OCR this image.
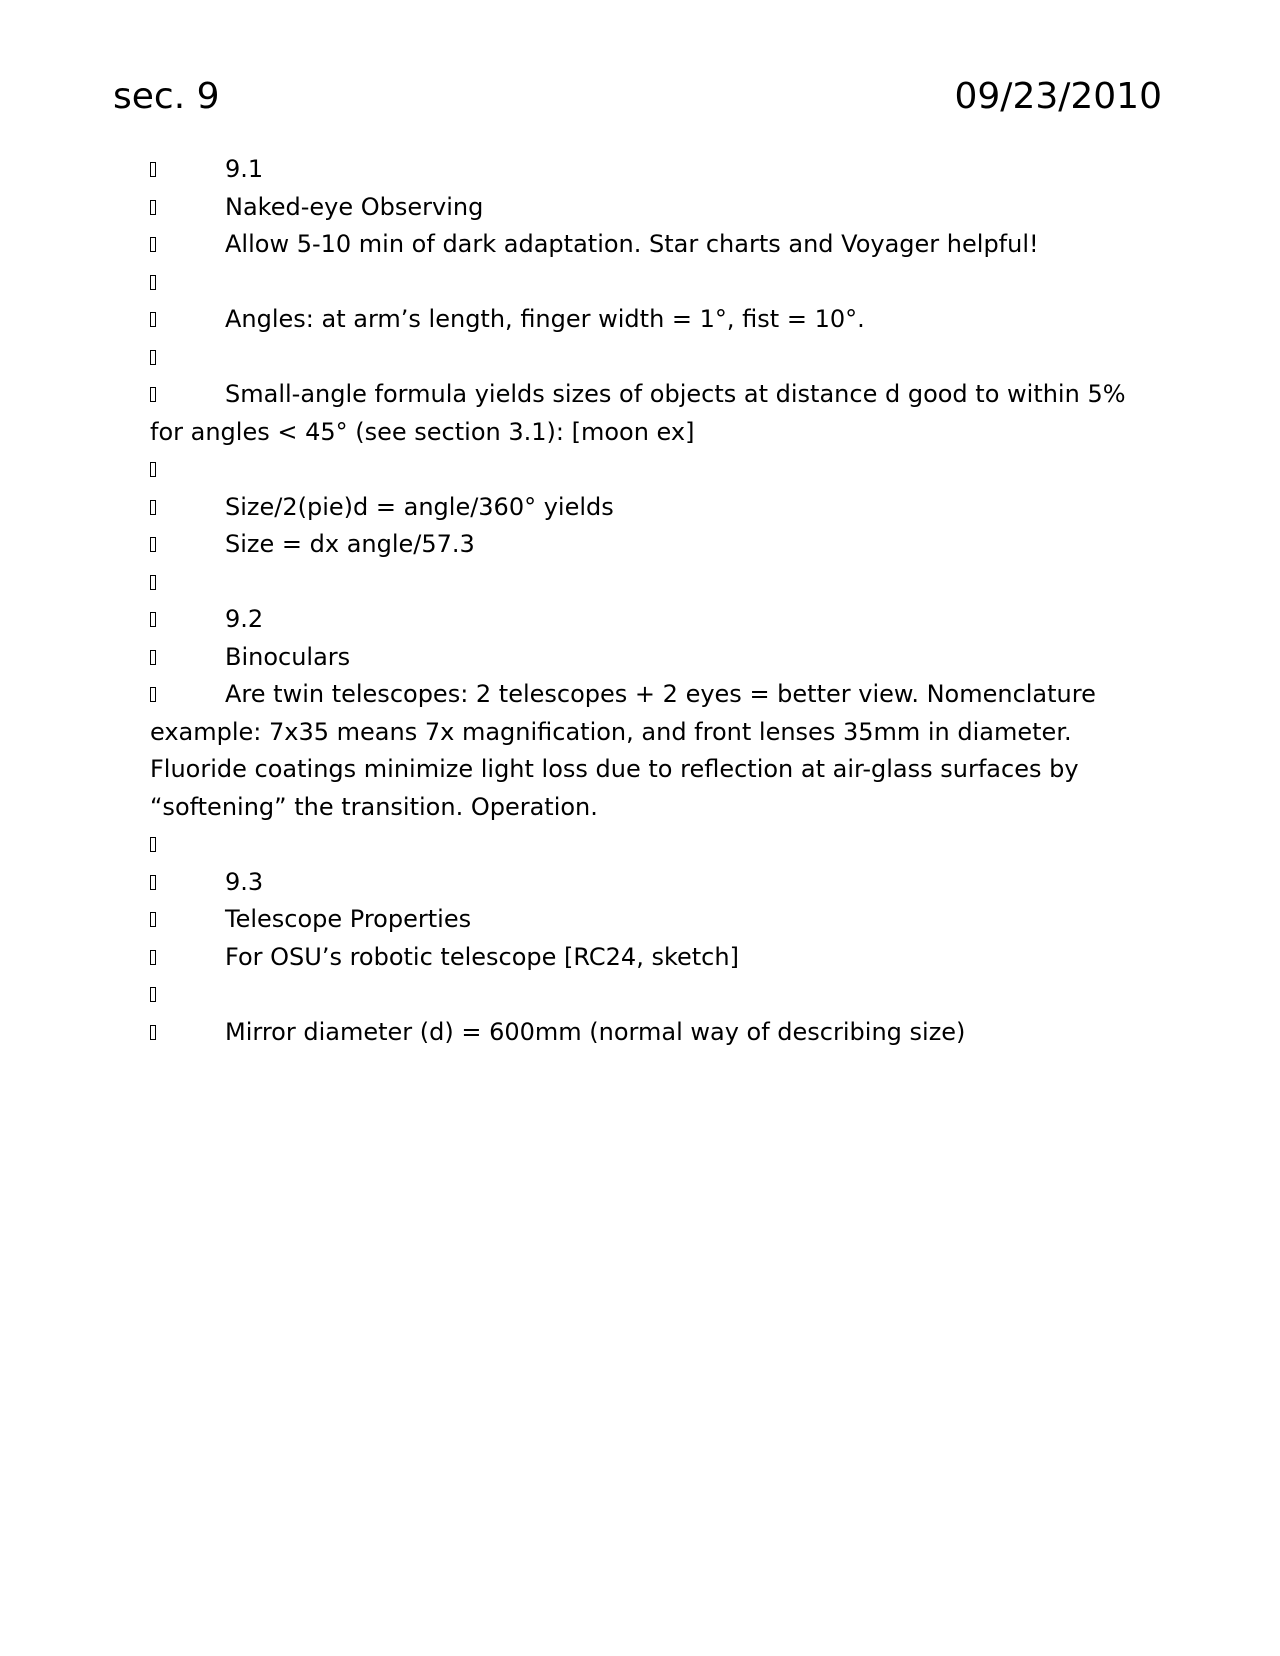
sec. 9	09/23/2010
9.1
Naked-eye Observing
Allow 5-10 min of dark adaptation. Star charts and Voyager helpful!
Angles: at arm’s length, finger width = 1°, fist = 10°.
Small-angle formula yields sizes of objects at distance d good to within 5% for angles < 45° (see section 3.1): [moon ex]
Size/2(pie)d = angle/360° yields
Size = dx angle/57.3
9.2
Binoculars
Are twin telescopes: 2 telescopes + 2 eyes = better view. Nomenclature example: 7x35 means 7x magnification, and front lenses 35mm in diameter. Fluoride coatings minimize light loss due to reflection at air-glass surfaces by “softening” the transition. Operation.
9.3
Telescope Properties
For OSU’s robotic telescope [RC24, sketch]
Mirror diameter (d) = 600mm (normal way of describing size)
